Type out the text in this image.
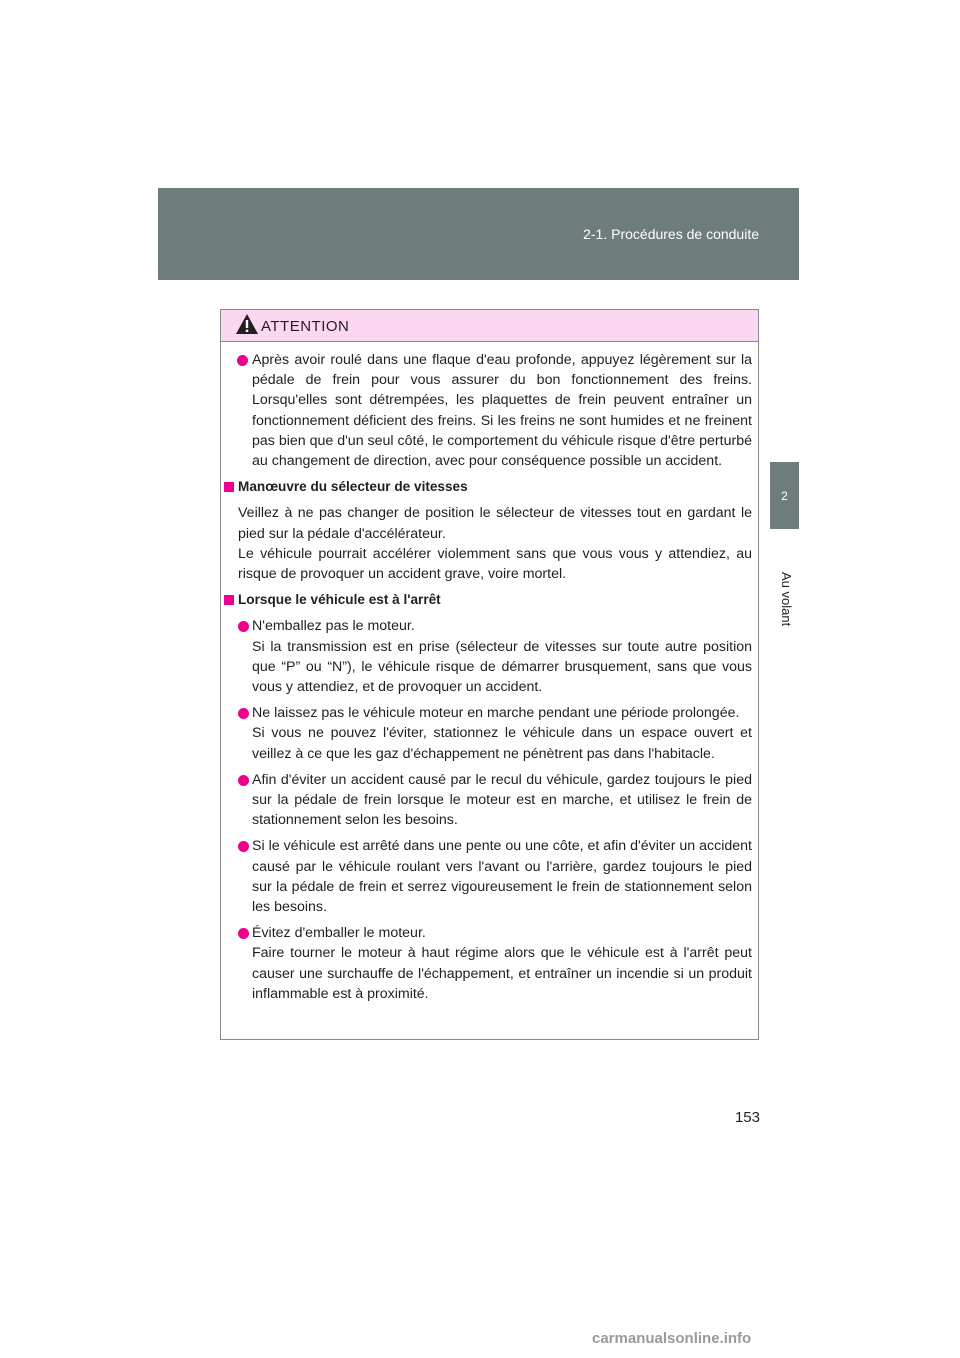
2-1. Procédures de conduite
2
Au volant
ATTENTION
Après avoir roulé dans une flaque d'eau profonde, appuyez légèrement sur la pédale de frein pour vous assurer du bon fonctionnement des freins. Lorsqu'elles sont détrempées, les plaquettes de frein peuvent entraîner un fonctionnement déficient des freins. Si les freins ne sont humides et ne freinent pas bien que d'un seul côté, le comportement du véhicule risque d'être perturbé au changement de direction, avec pour conséquence possible un accident.
Manœuvre du sélecteur de vitesses
Veillez à ne pas changer de position le sélecteur de vitesses tout en gardant le pied sur la pédale d'accélérateur.
Le véhicule pourrait accélérer violemment sans que vous vous y attendiez, au risque de provoquer un accident grave, voire mortel.
Lorsque le véhicule est à l'arrêt
N'emballez pas le moteur.
Si la transmission est en prise (sélecteur de vitesses sur toute autre position que “P” ou “N”), le véhicule risque de démarrer brusquement, sans que vous vous y attendiez, et de provoquer un accident.
Ne laissez pas le véhicule moteur en marche pendant une période prolongée.
Si vous ne pouvez l'éviter, stationnez le véhicule dans un espace ouvert et veillez à ce que les gaz d'échappement ne pénètrent pas dans l'habitacle.
Afin d'éviter un accident causé par le recul du véhicule, gardez toujours le pied sur la pédale de frein lorsque le moteur est en marche, et utilisez le frein de stationnement selon les besoins.
Si le véhicule est arrêté dans une pente ou une côte, et afin d'éviter un accident causé par le véhicule roulant vers l'avant ou l'arrière, gardez toujours le pied sur la pédale de frein et serrez vigoureusement le frein de stationnement selon les besoins.
Évitez d'emballer le moteur.
Faire tourner le moteur à haut régime alors que le véhicule est à l'arrêt peut causer une surchauffe de l'échappement, et entraîner un incendie si un produit inflammable est à proximité.
153
carmanualsonline.info
